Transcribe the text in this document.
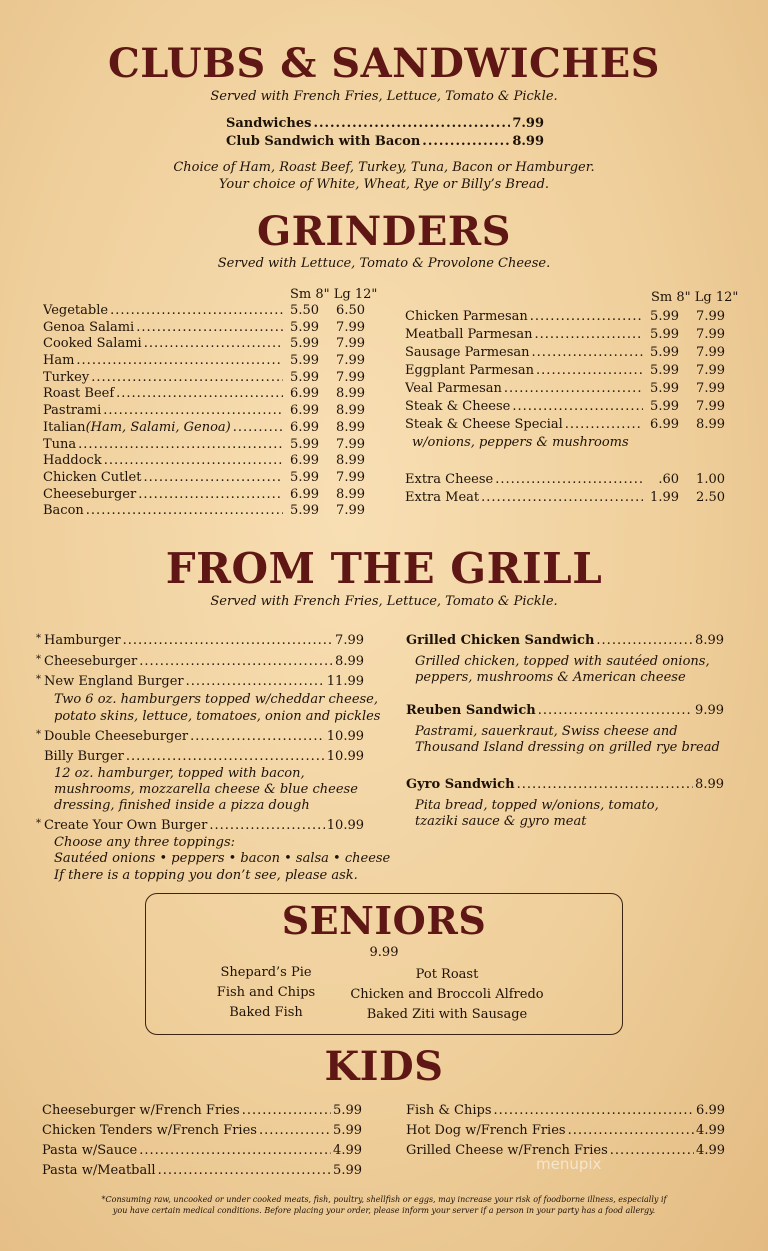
CLUBS & SANDWICHES
Served with French Fries, Lettuce, Tomato & Pickle.
Sandwiches .....	7.99
Club Sandwich with Bacon .....	8.99
Choice of Ham, Roast Beef, Turkey, Tuna, Bacon or Hamburger.
Your choice of White, Wheat, Rye or Billy’s Bread.
GRINDERS
Served with Lettuce, Tomato & Provolone Cheese.
Sm 8" Lg 12"
Vegetable .....	5.50	6.50
Genoa Salami .....	5.99	7.99
Cooked Salami .....	5.99	7.99
Ham .....	5.99	7.99
Turkey .....	5.99	7.99
Roast Beef .....	6.99	8.99
Pastrami .....	6.99	8.99
Italian (Ham, Salami, Genoa) .....	6.99	8.99
Tuna .....	5.99	7.99
Haddock .....	6.99	8.99
Chicken Cutlet .....	5.99	7.99
Cheeseburger .....	6.99	8.99
Bacon .....	5.99	7.99
Sm 8" Lg 12"
Chicken Parmesan .....	5.99	7.99
Meatball Parmesan .....	5.99	7.99
Sausage Parmesan .....	5.99	7.99
Eggplant Parmesan .....	5.99	7.99
Veal Parmesan .....	5.99	7.99
Steak & Cheese .....	5.99	7.99
Steak & Cheese Special .....	6.99	8.99
w/onions, peppers & mushrooms
Extra Cheese .....	.60	1.00
Extra Meat .....	1.99	2.50
FROM THE GRILL
Served with French Fries, Lettuce, Tomato & Pickle.
* Hamburger .....	7.99
* Cheeseburger .....	8.99
* New England Burger .....	11.99
Two 6 oz. hamburgers topped w/cheddar cheese,
potato skins, lettuce, tomatoes, onion and pickles
* Double Cheeseburger .....	10.99
Billy Burger .....	10.99
12 oz. hamburger, topped with bacon,
mushrooms, mozzarella cheese & blue cheese
dressing, finished inside a pizza dough
* Create Your Own Burger .....	10.99
Choose any three toppings:
Sautéed onions • peppers • bacon • salsa • cheese
If there is a topping you don’t see, please ask.
Grilled Chicken Sandwich .....	8.99
Grilled chicken, topped with sautéed onions,
peppers, mushrooms & American cheese
Reuben Sandwich .....	9.99
Pastrami, sauerkraut, Swiss cheese and
Thousand Island dressing on grilled rye bread
Gyro Sandwich .....	8.99
Pita bread, topped w/onions, tomato,
tzaziki sauce & gyro meat
SENIORS
9.99
Shepard’s Pie
Fish and Chips
Baked Fish
Pot Roast
Chicken and Broccoli Alfredo
Baked Ziti with Sausage
KIDS
Cheeseburger w/French Fries .....	5.99
Chicken Tenders w/French Fries .....	5.99
Pasta w/Sauce .....	4.99
Pasta w/Meatball .....	5.99
Fish & Chips .....	6.99
Hot Dog w/French Fries .....	4.99
Grilled Cheese w/French Fries .....	4.99
menupix
*Consuming raw, uncooked or under cooked meats, fish, poultry, shellfish or eggs, may increase your risk of foodborne illness, especially if
you have certain medical conditions. Before placing your order, please inform your server if a person in your party has a food allergy.
